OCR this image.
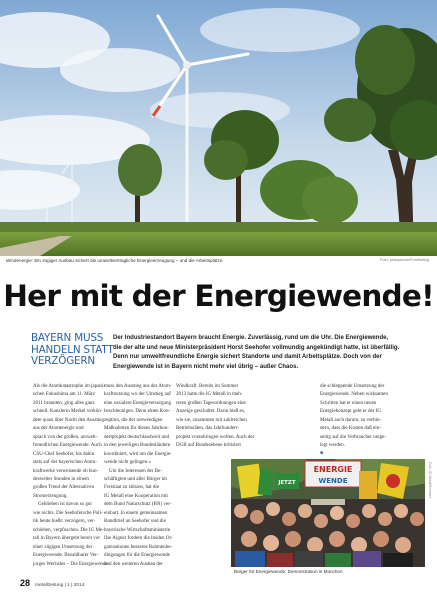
Windenergie: Ein zügiger Ausbau sichert die umweltverträgliche Energieerzeugung – und die Arbeitsplätze.	Foto: plainpicture/Fotofeeling
Her mit der Energiewende!
BAYERN MUSS
HANDELN STATT
VERZÖGERN
Der Industriestandort Bayern braucht Energie. Zuverlässig, rund um die Uhr. Die Energiewende,
die der alte und neue Ministerpräsident Horst Seehofer vollmundig angekündigt hatte, ist überfällig.
Denn nur umweltfreundliche Energie sichert Standorte und damit Arbeitsplätze. Doch von der
Energiewende ist in Bayern nicht mehr viel übrig – außer Chaos.
Als die Atomkatastrophe im japani-
schen Fukushima am 11. März
2011 brannten, ging alles ganz
schnell. Kanzlerin Merkel verkün-
dete quasi über Nacht den Ausstieg
aus der Atomenergie und
sprach von der großen, umwelt-
freundlichen Energiewende. Auch
CSU-Chef Seehofer, bis dahin
stets auf der bayerischen Atom-
kraftwerke verweisende ob bun-
desweiter Stunden in einem
großen Trend der Alternativen
Stromerzeugung.
Geblieben ist davon so gut
wie nichts. Die Seehofersche Poli-
tik heute hießt: verzögern, ver-
schieben, verpfuschen. Die IG Me-
tall in Bayern übergeht bereit vor
einer zügigen Umsetzung der
Energiewende. Bezahlbarer Ver-
jorges Wechsles – Die Energiewende
muss den Ausstieg aus der Atom-
kraftnutzung wo der Umstieg auf
eine sozialere Energieversorgung
beschleunigen. Denn einen Kon-
zeption, die der notwendigen
Maßnahmen für dieses Jahrhun-
dertprojekt deutschlandweit und
in den jeweiligen Bundesländern
koordiniert, wird um die Energie-
wende nicht gelingen.«
Um die Interessen der Be-
schäftigten und aller Bürger im
Freistaat zu stützen, hat die
IG Metall eine Kooperation mit
dem Bund Naturschutz (BN) ver-
einbart. In einem gemeinsamen
Rundbrief an Seehofer und die
bayerische Wirtschaftsministerin
Ilse Aigner fordern die beiden Or-
ganisationen besseres Rahmenbe-
dingungen für die Energiewende
und den weiteren Ausbau der
Windkraft. Bereits im Sommer
2013 hatte die IG Metall in meh-
reren großen Tagesordnungen eine
Anzeige geschaltet. Darin hieß es,
wie sie, zusammen mit zahlreichen
Betriebsräten, das Jahrhundert-
projekt voranbringen wollen. Auch der
DGB auf Bundesebene kritisiert
die schleppende Umsetzung der
Energiewende. Neben wirksamen
Schritten hat er einen neuen
Energiekonzept geht er der IG
Metall auch darum, zu verhin-
dern, dass die Kosten daß ein-
seitig auf die Verbraucher umge-
legt werden.
■
ENERGIE
WENDE
JETZT	Foto: IG Metall/Schwarz
Bürger für Energiewende: Demonstration in München
28 metallzeitung | 1 | 2014
